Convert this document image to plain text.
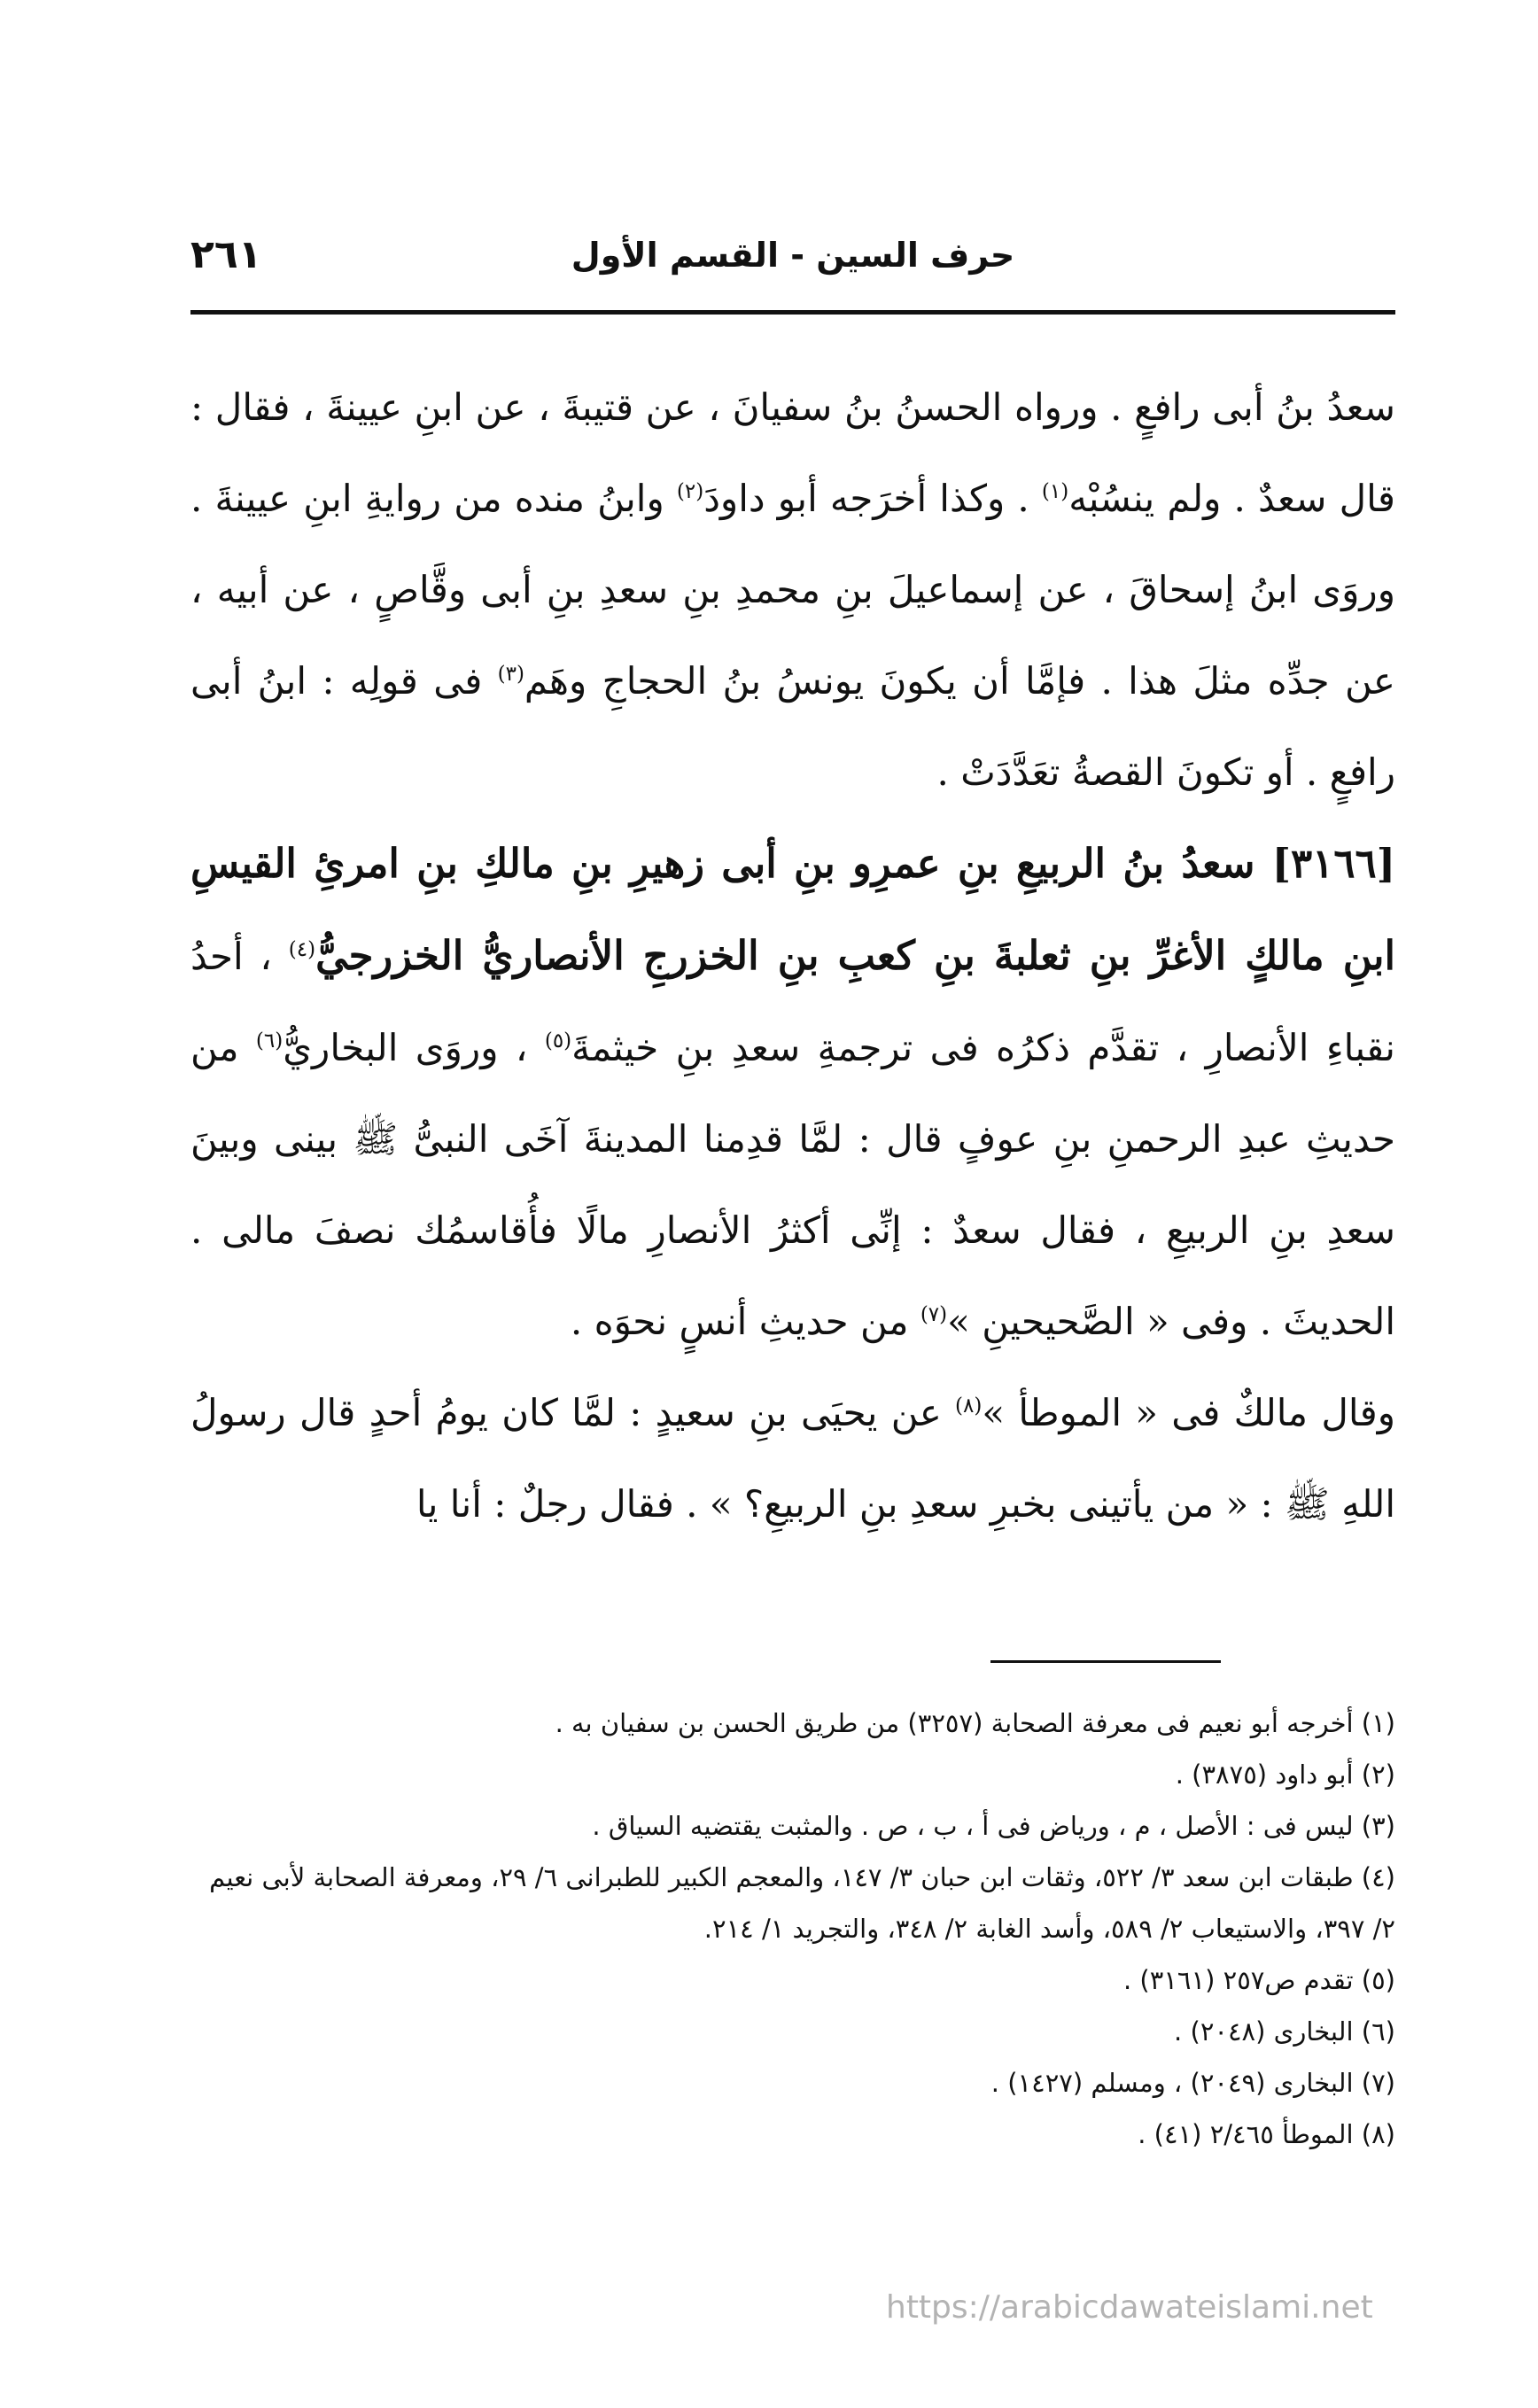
حرف السين - القسم الأول
٢٦١

سعدُ بنُ أبى رافعٍ . ورواه الحسنُ بنُ سفيانَ ، عن قتيبةَ ، عن ابنِ عيينةَ ، فقال : قال سعدٌ . ولم ينسُبْه$^{(١)}$ . وكذا أخرَجه أبو داودَ$^{(٢)}$ وابنُ منده من روايةِ ابنِ عيينةَ . وروَى ابنُ إسحاقَ ، عن إسماعيلَ بنِ محمدِ بنِ سعدِ بنِ أبى وقَّاصٍ ، عن أبيه ، عن جدِّه مثلَ هذا . فإمَّا أن يكونَ يونسُ بنُ الحجاجِ وهَم$^{(٣)}$ فى قولِه : ابنُ أبى رافعٍ . أو تكونَ القصةُ تعَدَّدَتْ .

[٣١٦٦] سعدُ بنُ الربيعِ بنِ عمرِو بنِ أبى زهيرِ بنِ مالكِ بنِ امرئِ القيسِ ابنِ مالكٍ الأغرِّ بنِ ثعلبةَ بنِ كعبِ بنِ الخزرجِ الأنصاريُّ الخزرجيُّ$^{(٤)}$ ، أحدُ نقباءِ الأنصارِ ، تقدَّم ذكرُه فى ترجمةِ سعدِ بنِ خيثمةَ$^{(٥)}$ ، وروَى البخاريُّ$^{(٦)}$ من حديثِ عبدِ الرحمنِ بنِ عوفٍ قال : لمَّا قدِمنا المدينةَ آخَى النبىُّ ﷺ بينى وبينَ سعدِ بنِ الربيعِ ، فقال سعدٌ : إنِّى أكثرُ الأنصارِ مالًا فأُقاسمُك نصفَ مالى . الحديثَ . وفى « الصَّحيحينِ »$^{(٧)}$ من حديثِ أنسٍ نحوَه .

وقال مالكٌ فى « الموطأ »$^{(٨)}$ عن يحيَى بنِ سعيدٍ : لمَّا كان يومُ أحدٍ قال رسولُ اللهِ ﷺ : « من يأتينى بخبرِ سعدِ بنِ الربيعِ؟ » . فقال رجلٌ : أنا يا

(١) أخرجه أبو نعيم فى معرفة الصحابة (٣٢٥٧) من طريق الحسن بن سفيان به .

(٢) أبو داود (٣٨٧٥) .

(٣) ليس فى : الأصل ، م ، ورياض فى أ ، ب ، ص . والمثبت يقتضيه السياق .

(٤) طبقات ابن سعد ٣/ ٥٢٢، وثقات ابن حبان ٣/ ١٤٧، والمعجم الكبير للطبرانى ٦/ ٢٩، ومعرفة الصحابة لأبى نعيم ٢/ ٣٩٧، والاستيعاب ٢/ ٥٨٩، وأسد الغابة ٢/ ٣٤٨، والتجريد ١/ ٢١٤.

(٥) تقدم ص٢٥٧ (٣١٦١) .

(٦) البخارى (٢٠٤٨) .

(٧) البخارى (٢٠٤٩) ، ومسلم (١٤٢٧) .

(٨) الموطأ ٢/٤٦٥ (٤١) .

https://arabicdawateislami.net
